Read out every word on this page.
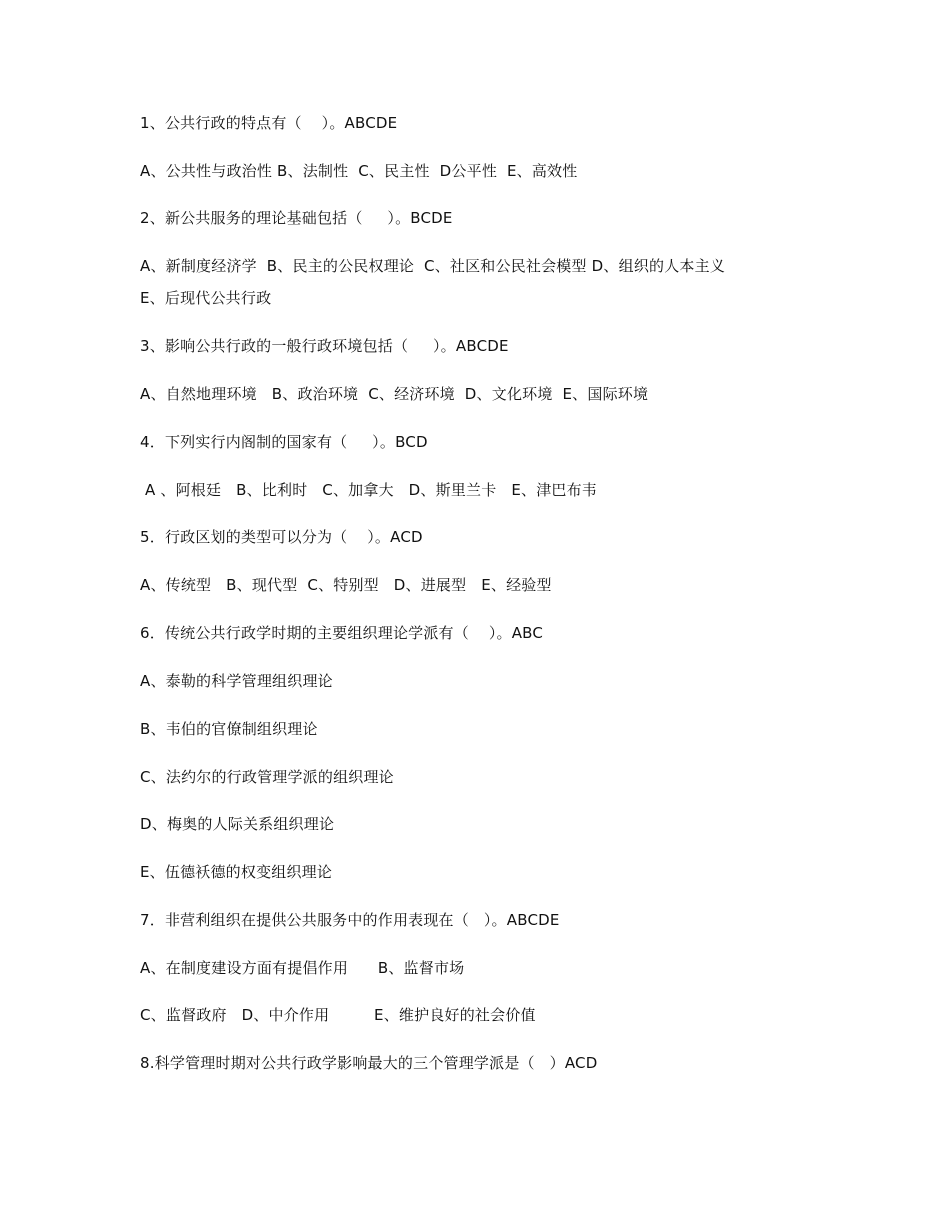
1、公共行政的特点有（    ）。ABCDE
A、公共性与政治性 B、法制性  C、民主性  D公平性  E、高效性
2、新公共服务的理论基础包括（     ）。BCDE
A、新制度经济学  B、民主的公民权理论  C、社区和公民社会模型 D、组织的人本主义
E、后现代公共行政
3、影响公共行政的一般行政环境包括（     ）。ABCDE
A、自然地理环境   B、政治环境  C、经济环境  D、文化环境  E、国际环境
4．下列实行内阁制的国家有（     ）。BCD
A 、阿根廷   B、比利时   C、加拿大   D、斯里兰卡   E、津巴布韦
5．行政区划的类型可以分为（    ）。ACD
A、传统型   B、现代型  C、特别型   D、进展型   E、经验型
6．传统公共行政学时期的主要组织理论学派有（    ）。ABC
A、泰勒的科学管理组织理论
B、韦伯的官僚制组织理论
C、法约尔的行政管理学派的组织理论
D、梅奥的人际关系组织理论
E、伍德袄德的权变组织理论
7．非营利组织在提供公共服务中的作用表现在（   ）。ABCDE
A、在制度建设方面有提倡作用      B、监督市场
C、监督政府   D、中介作用         E、维护良好的社会价值
8.科学管理时期对公共行政学影响最大的三个管理学派是（   ）ACD
